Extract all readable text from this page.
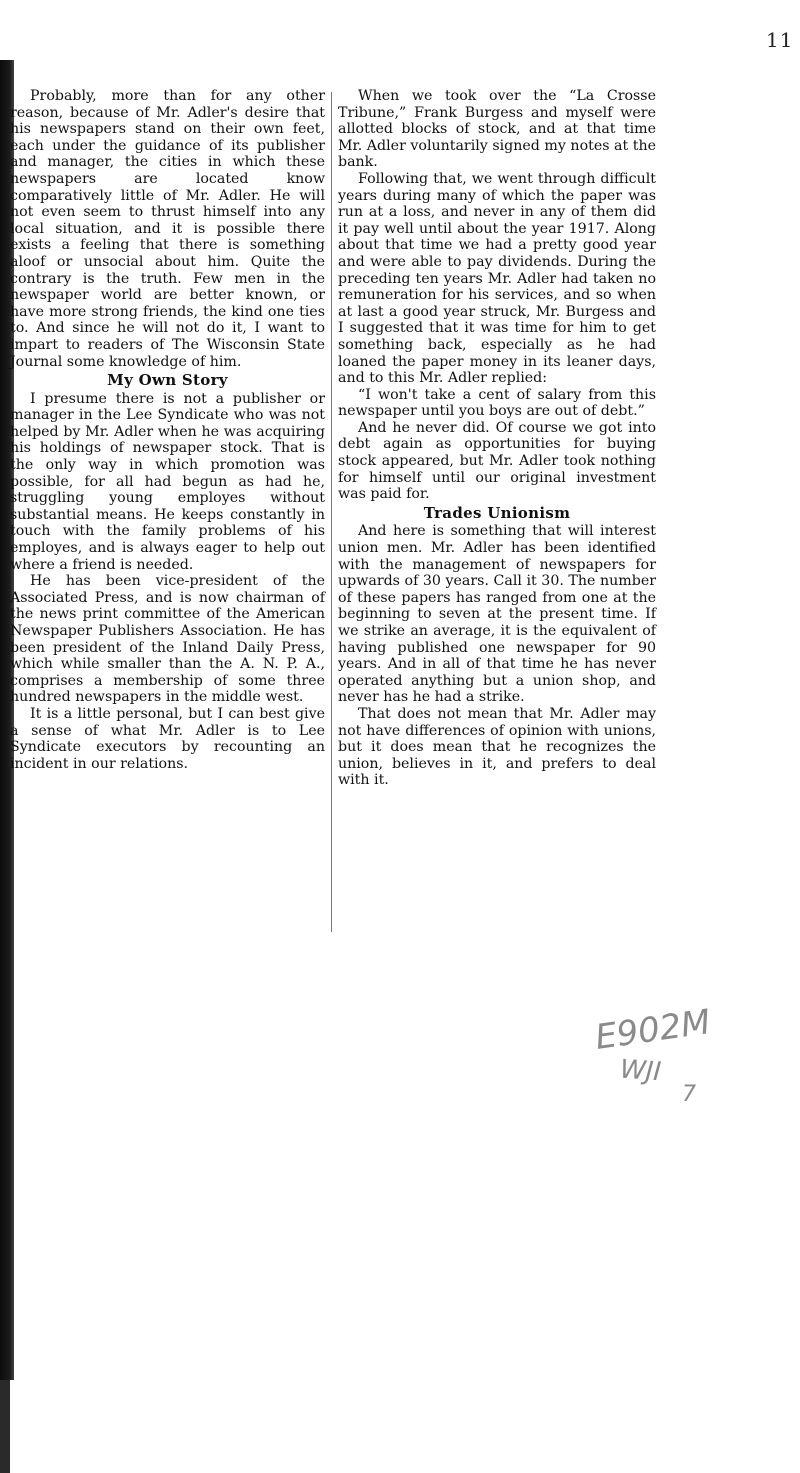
11

Probably, more than for any other reason, because of Mr. Adler's desire that his newspapers stand on their own feet, each under the guidance of its publisher and manager, the cities in which these newspapers are located know comparatively little of Mr. Adler. He will not even seem to thrust himself into any local situation, and it is possible there exists a feeling that there is something aloof or unsocial about him. Quite the contrary is the truth. Few men in the newspaper world are better known, or have more strong friends, the kind one ties to. And since he will not do it, I want to impart to readers of The Wisconsin State Journal some knowledge of him.

My Own Story

I presume there is not a publisher or manager in the Lee Syndicate who was not helped by Mr. Adler when he was acquiring his holdings of newspaper stock. That is the only way in which promotion was possible, for all had begun as had he, struggling young employes without substantial means. He keeps constantly in touch with the family problems of his employes, and is always eager to help out where a friend is needed.

He has been vice-president of the Associated Press, and is now chairman of the news print committee of the American Newspaper Publishers Association. He has been president of the Inland Daily Press, which while smaller than the A. N. P. A., comprises a membership of some three hundred newspapers in the middle west.

It is a little personal, but I can best give a sense of what Mr. Adler is to Lee Syndicate executors by recounting an incident in our relations.

When we took over the “La Crosse Tribune,” Frank Burgess and myself were allotted blocks of stock, and at that time Mr. Adler voluntarily signed my notes at the bank.

Following that, we went through difficult years during many of which the paper was run at a loss, and never in any of them did it pay well until about the year 1917. Along about that time we had a pretty good year and were able to pay dividends. During the preceding ten years Mr. Adler had taken no remuneration for his services, and so when at last a good year struck, Mr. Burgess and I suggested that it was time for him to get something back, especially as he had loaned the paper money in its leaner days, and to this Mr. Adler replied:

“I won't take a cent of salary from this newspaper until you boys are out of debt.”

And he never did. Of course we got into debt again as opportunities for buying stock appeared, but Mr. Adler took nothing for himself until our original investment was paid for.

Trades Unionism

And here is something that will interest union men. Mr. Adler has been identified with the management of newspapers for upwards of 30 years. Call it 30. The number of these papers has ranged from one at the beginning to seven at the present time. If we strike an average, it is the equivalent of having published one newspaper for 90 years. And in all of that time he has never operated anything but a union shop, and never has he had a strike.

That does not mean that Mr. Adler may not have differences of opinion with unions, but it does mean that he recognizes the union, believes in it, and prefers to deal with it.

E902M
WJI
7
